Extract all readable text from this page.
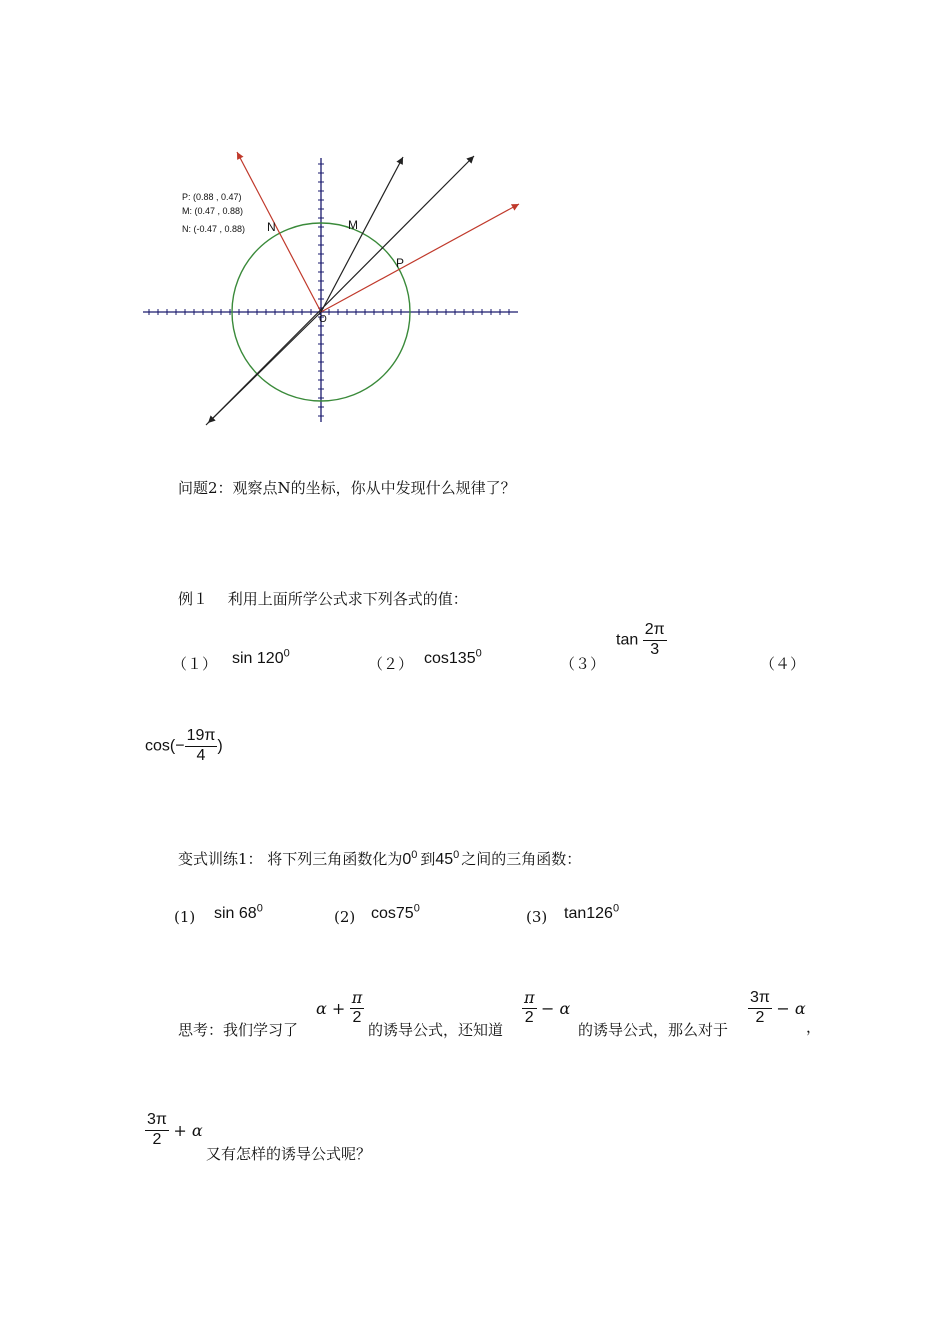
N	M
P
O
P: (0.88 , 0.47)
M: (0.47 , 0.88)
N: (-0.47 , 0.88)
问题2：观察点N的坐标，你从中发现什么规律了？
例１　 利用上面所学公式求下列各式的值：
（１） $\sin 120^0$
（２） $\cos 135^0$
（３）
$\tan \frac{2\pi}{3}$
（４）
$\cos(- \frac{19\pi}{4}$ )
变式训练1： 将下列三角函数化为$0^0$ 到$45^0$ 之间的三角函数：
(1) $\sin 68^0$	(2) $\cos 75^0$	(3) $\tan 126^0$
思考：我们学习了
$\alpha + \frac{\pi}{2}$
的诱导公式，还知道
$\frac{\pi}{2} - \alpha$
的诱导公式，那么对于
$\frac{3\pi}{2} - \alpha$
，
$\frac{3\pi}{2} + \alpha$
又有怎样的诱导公式呢？
